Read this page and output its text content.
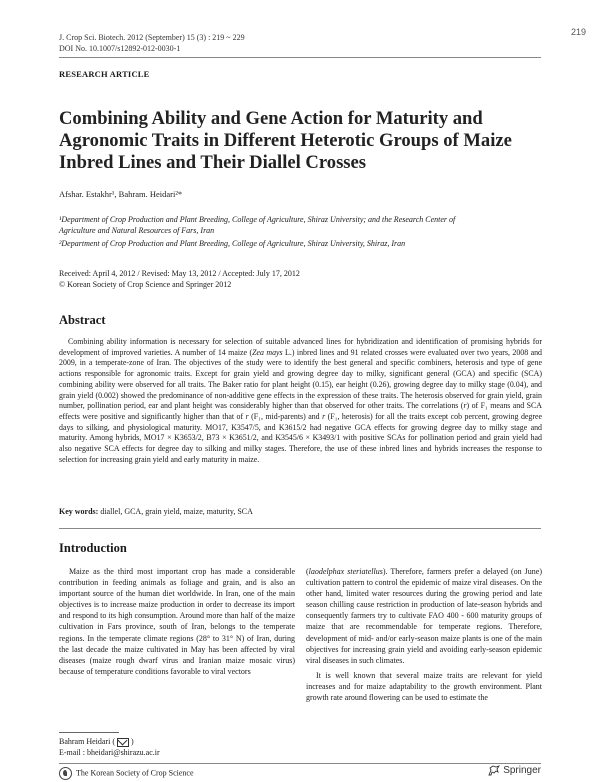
J. Crop Sci. Biotech. 2012 (September) 15 (3) : 219 ~ 229
DOI No. 10.1007/s12892-012-0030-1
219
RESEARCH ARTICLE
Combining Ability and Gene Action for Maturity and
Agronomic Traits in Different Heterotic Groups of Maize
Inbred Lines and Their Diallel Crosses
Afshar. Estakhr¹, Bahram. Heidari²*
¹Department of Crop Production and Plant Breeding, College of Agriculture, Shiraz University; and the Research Center of
Agriculture and Natural Resources of Fars, Iran
²Department of Crop Production and Plant Breeding, College of Agriculture, Shiraz University, Shiraz, Iran
Received: April 4, 2012 / Revised: May 13, 2012 / Accepted: July 17, 2012
© Korean Society of Crop Science and Springer 2012
Abstract

Combining ability information is necessary for selection of suitable advanced lines for hybridization and identification of promising hybrids for development of improved varieties. A number of 14 maize (Zea mays L.) inbred lines and 91 related crosses were evaluated over two years, 2008 and 2009, in a temperate-zone of Iran. The objectives of the study were to identify the best general and specific combiners, heterosis and type of gene actions responsible for agronomic traits. Except for grain yield and growing degree day to milky, significant general (GCA) and specific (SCA) combining ability were observed for all traits. The Baker ratio for plant height (0.15), ear height (0.26), growing degree day to milky stage (0.04), and grain yield (0.002) showed the predominance of non-additive gene effects in the expression of these traits. The heterosis observed for grain yield, grain number, pollination period, ear and plant height was considerably higher than that observed for other traits. The correlations (r) of F₁ means and SCA effects were positive and significantly higher than that of r (F₁, mid-parents) and r (F₁, heterosis) for all the traits except cob percent, growing degree days to silking, and physiological maturity. MO17, K3547/5, and K3615/2 had negative GCA effects for growing degree day to milky stage and maturity. Among hybrids, MO17 × K3653/2, B73 × K3651/2, and K3545/6 × K3493/1 with positive SCAs for pollination period and grain yield had also negative SCA effects for degree day to silking and milky stages. Therefore, the use of these inbred lines and hybrids increases the response to selection for increasing grain yield and early maturity in maize.

Key words: diallel, GCA, grain yield, maize, maturity, SCA
Introduction

Maize as the third most important crop has made a considerable contribution in feeding animals as foliage and grain, and is also an important source of the human diet worldwide. In Iran, one of the main objectives is to increase maize production in order to decrease its import and respond to its high consumption. Around more than half of the maize cultivation in Fars province, south of Iran, belongs to the temperate regions. In the temperate climate regions (28° to 31° N) of Iran, during the last decade the maize cultivated in May has been affected by viral diseases (maize rough dwarf virus and Iranian maize mosaic virus) because of temperature conditions favorable to viral vectors

(laodelphax steriatellus). Therefore, farmers prefer a delayed (on June) cultivation pattern to control the epidemic of maize viral diseases. On the other hand, limited water resources during the growing period and late season chilling cause restriction in production of late-season hybrids and consequently farmers try to cultivate FAO 400 - 600 maturity groups of maize that are recommendable for temperate regions. Therefore, development of mid- and/or early-season maize plants is one of the main objectives for increasing grain yield and avoiding early-season epidemic viral diseases in such climates.

It is well known that several maize traits are relevant for yield increases and for maize adaptability to the growth environment. Plant growth rate around flowering can be used to estimate the

Bahram Heidari ( )
E-mail : bheidari@shirazu.ac.ir
The Korean Society of Crop Science	Springer
